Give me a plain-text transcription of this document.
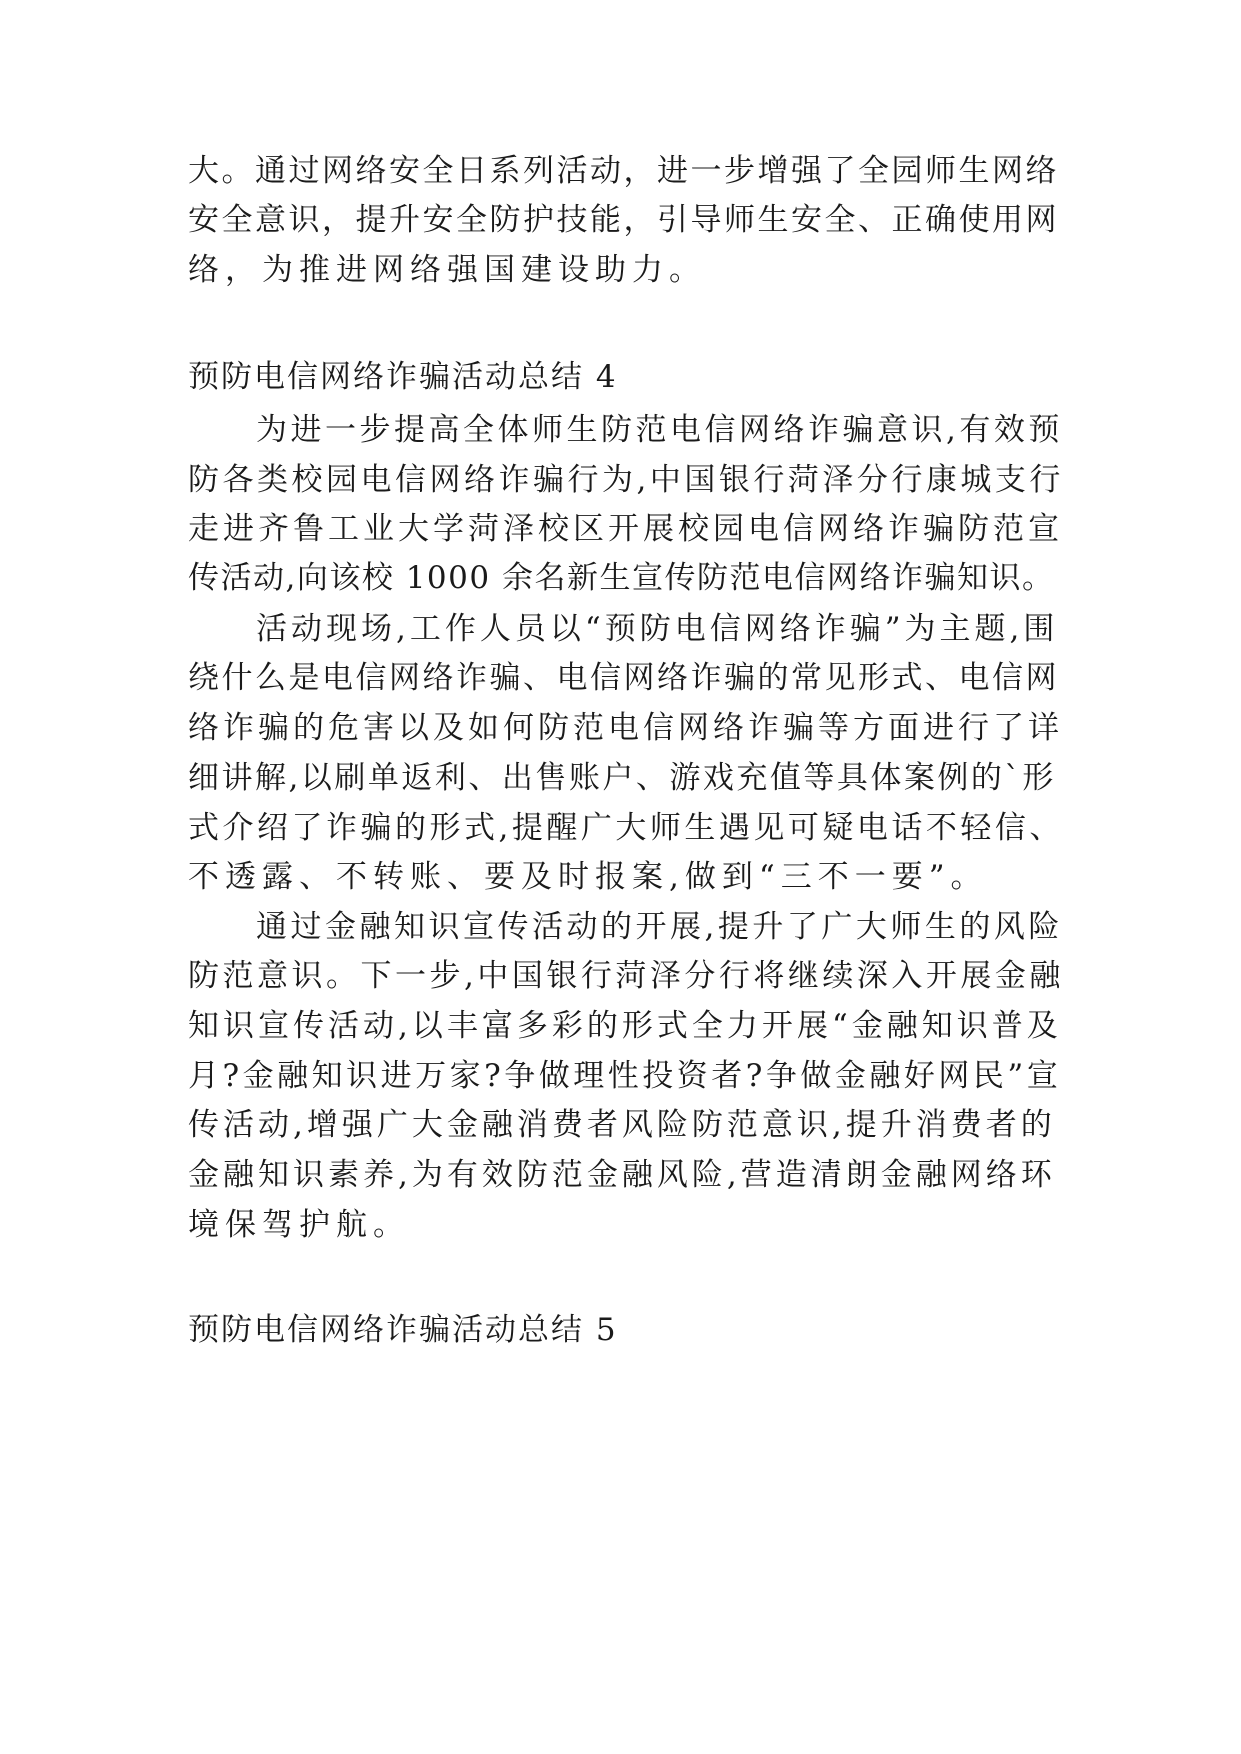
大。通过网络安全日系列活动，进一步增强了全园师生网络
安全意识，提升安全防护技能，引导师生安全、正确使用网
络，为推进网络强国建设助力。
预防电信网络诈骗活动总结 4
为进一步提高全体师生防范电信网络诈骗意识,有效预
防各类校园电信网络诈骗行为,中国银行菏泽分行康城支行
走进齐鲁工业大学菏泽校区开展校园电信网络诈骗防范宣
传活动,向该校 1000 余名新生宣传防范电信网络诈骗知识。
活动现场,工作人员以“预防电信网络诈骗”为主题,围
绕什么是电信网络诈骗、电信网络诈骗的常见形式、电信网
络诈骗的危害以及如何防范电信网络诈骗等方面进行了详
细讲解,以刷单返利、出售账户、游戏充值等具体案例的`形
式介绍了诈骗的形式,提醒广大师生遇见可疑电话不轻信、
不透露、不转账、要及时报案,做到“三不一要”。
通过金融知识宣传活动的开展,提升了广大师生的风险
防范意识。下一步,中国银行菏泽分行将继续深入开展金融
知识宣传活动,以丰富多彩的形式全力开展“金融知识普及
月?金融知识进万家?争做理性投资者?争做金融好网民”宣
传活动,增强广大金融消费者风险防范意识,提升消费者的
金融知识素养,为有效防范金融风险,营造清朗金融网络环
境保驾护航。
预防电信网络诈骗活动总结 5
